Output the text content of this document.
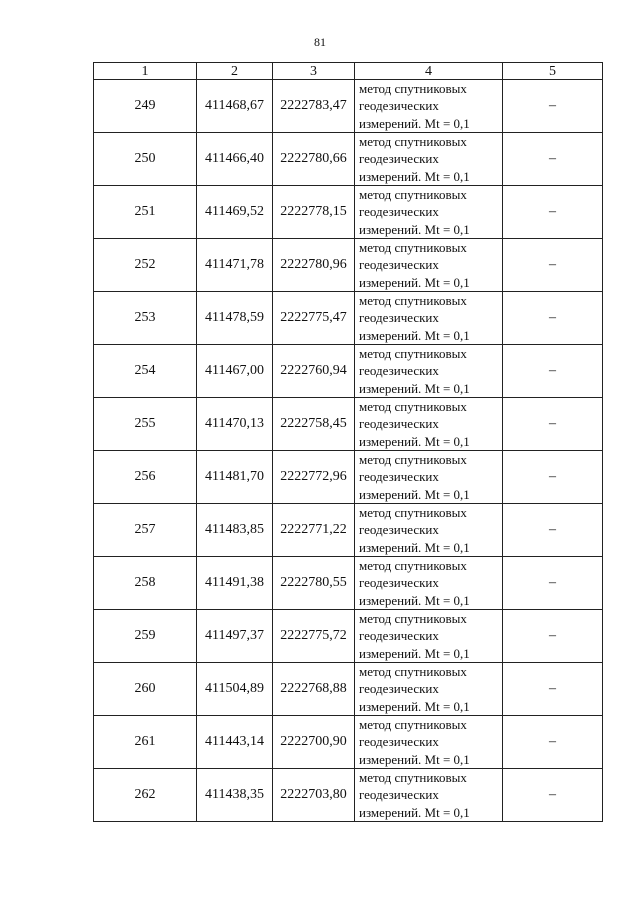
81
1	2	3	4	5
249	411468,67	2222783,47	метод спутниковых
геодезических
измерений. Mt = 0,1	–
250	411466,40	2222780,66	метод спутниковых
геодезических
измерений. Mt = 0,1	–
251	411469,52	2222778,15	метод спутниковых
геодезических
измерений. Mt = 0,1	–
252	411471,78	2222780,96	метод спутниковых
геодезических
измерений. Mt = 0,1	–
253	411478,59	2222775,47	метод спутниковых
геодезических
измерений. Mt = 0,1	–
254	411467,00	2222760,94	метод спутниковых
геодезических
измерений. Mt = 0,1	–
255	411470,13	2222758,45	метод спутниковых
геодезических
измерений. Mt = 0,1	–
256	411481,70	2222772,96	метод спутниковых
геодезических
измерений. Mt = 0,1	–
257	411483,85	2222771,22	метод спутниковых
геодезических
измерений. Mt = 0,1	–
258	411491,38	2222780,55	метод спутниковых
геодезических
измерений. Mt = 0,1	–
259	411497,37	2222775,72	метод спутниковых
геодезических
измерений. Mt = 0,1	–
260	411504,89	2222768,88	метод спутниковых
геодезических
измерений. Mt = 0,1	–
261	411443,14	2222700,90	метод спутниковых
геодезических
измерений. Mt = 0,1	–
262	411438,35	2222703,80	метод спутниковых
геодезических
измерений. Mt = 0,1	–
